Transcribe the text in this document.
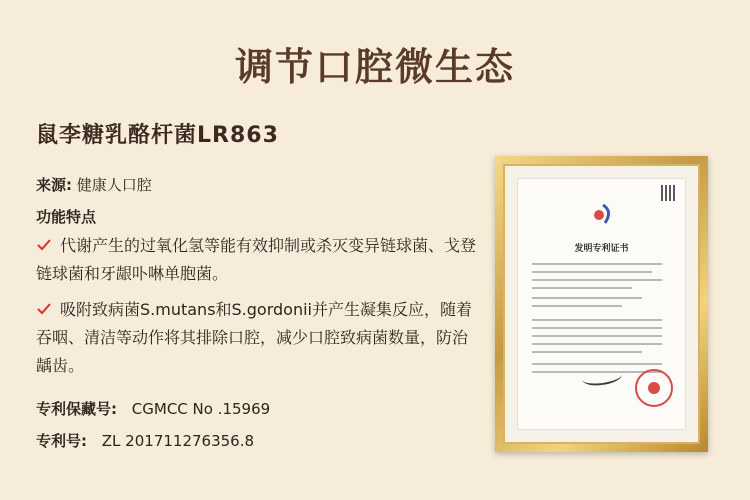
调节口腔微生态
鼠李糖乳酪杆菌LR863
来源: 健康人口腔
功能特点
代谢产生的过氧化氢等能有效抑制或杀灭变异链球菌、戈登链球菌和牙龈卟啉单胞菌。
吸附致病菌S.mutans和S.gordonii并产生凝集反应，随着吞咽、清洁等动作将其排除口腔，减少口腔致病菌数量，防治龋齿。
专利保藏号: CGMCC No .15969
专利号: ZL 201711276356.8
发明专利证书
